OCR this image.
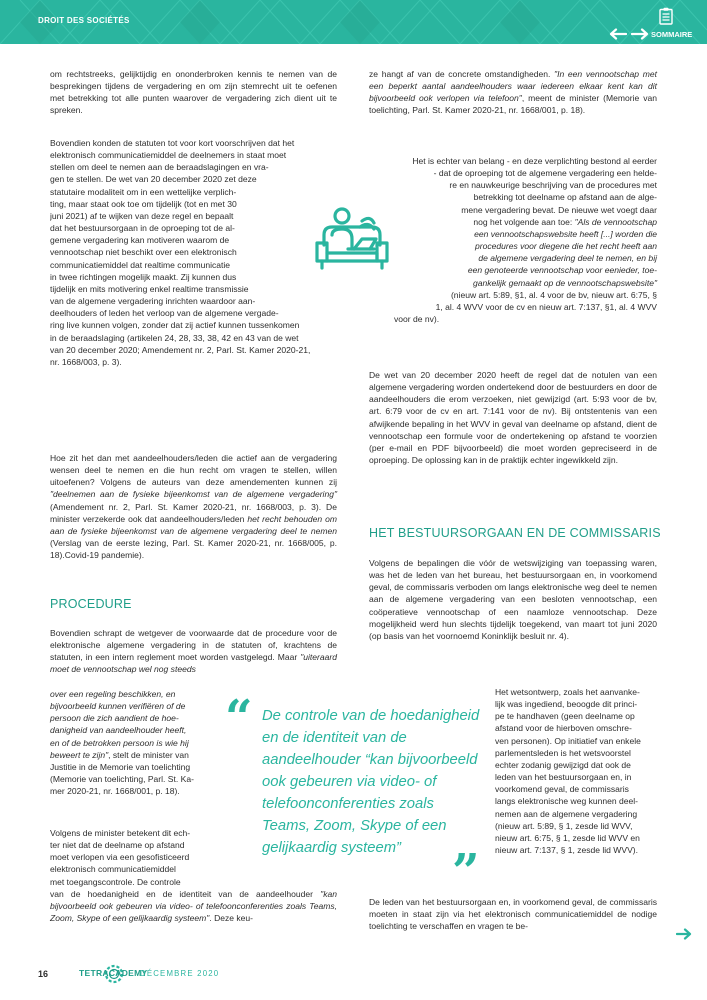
DROIT DES SOCIÉTÉS
SOMMAIRE

om rechtstreeks, gelijktijdig en ononderbroken kennis te nemen van de besprekingen tijdens de vergadering en om zijn stemrecht uit te oefenen met betrekking tot alle punten waarover de vergadering zich dient uit te spreken.

Bovendien konden de statuten tot voor kort voorschrijven dat het
elektronisch communicatiemiddel de deelnemers in staat moet
stellen om deel te nemen aan de beraadslagingen en vra-
gen te stellen. De wet van 20 december 2020 zet deze
statutaire modaliteit om in een wettelijke verplich-
ting, maar staat ook toe om tijdelijk (tot en met 30
juni 2021) af te wijken van deze regel en bepaalt
dat het bestuursorgaan in de oproeping tot de al-
gemene vergadering kan motiveren waarom de
vennootschap niet beschikt over een elektronisch
communicatiemiddel dat realtime communicatie
in twee richtingen mogelijk maakt. Zij kunnen dus
tijdelijk en mits motivering enkel realtime transmissie
van de algemene vergadering inrichten waardoor aan-
deelhouders of leden het verloop van de algemene vergade-
ring live kunnen volgen, zonder dat zij actief kunnen tussenkomen
in de beraadslaging (artikelen 24, 28, 33, 38, 42 en 43 van de wet
van 20 december 2020; Amendement nr. 2, Parl. St. Kamer 2020-21,
nr. 1668/003, p. 3).

Hoe zit het dan met aandeelhouders/leden die actief aan de vergadering wensen deel te nemen en die hun recht om vragen te stellen, willen uitoefenen? Volgens de auteurs van deze amendementen kunnen zij "deelnemen aan de fysieke bijeenkomst van de algemene vergadering" (Amendement nr. 2, Parl. St. Kamer 2020-21, nr. 1668/003, p. 3). De minister verzekerde ook dat aandeelhouders/leden het recht behouden om aan de fysieke bijeenkomst van de algemene vergadering deel te nemen (Verslag van de eerste lezing, Parl. St. Kamer 2020-21, nr. 1668/005, p. 18).Covid-19 pandemie).

PROCEDURE

Bovendien schrapt de wetgever de voorwaarde dat de procedure voor de elektronische algemene vergadering in de statuten of, krachtens de statuten, in een intern reglement moet worden vastgelegd. Maar "uiteraard moet de vennootschap wel nog steeds

over een regeling beschikken, en
bijvoorbeeld kunnen verifiëren of de
persoon die zich aandient de hoe-
danigheid van aandeelhouder heeft,
en of de betrokken persoon is wie hij
beweert te zijn", stelt de minister van
Justitie in de Memorie van toelichting
(Memorie van toelichting, Parl. St. Ka-
mer 2020-21, nr. 1668/001, p. 18).
Volgens de minister betekent dit ech-
ter niet dat de deelname op afstand
moet verlopen via een gesofisticeerd
elektronisch communicatiemiddel
met toegangscontrole. De controle

van de hoedanigheid en de identiteit van de aandeelhouder "kan bijvoorbeeld ook gebeuren via video- of telefoonconferenties zoals Teams, Zoom, Skype of een gelijkaardig systeem". Deze keu-

“ De controle van de hoedanigheid en de identiteit van de aandeelhouder “kan bijvoorbeeld ook gebeuren via video- of telefoonconferenties zoals Teams, Zoom, Skype of een gelijkaardig systeem”	”

ze hangt af van de concrete omstandigheden. "In een vennootschap met een beperkt aantal aandeelhouders waar iedereen elkaar kent kan dit bijvoorbeeld ook verlopen via telefoon", meent de minister (Memorie van toelichting, Parl. St. Kamer 2020-21, nr. 1668/001, p. 18).

Het is echter van belang - en deze verplichting bestond al eerder
- dat de oproeping tot de algemene vergadering een helde-
re en nauwkeurige beschrijving van de procedures met
betrekking tot deelname op afstand aan de alge-
mene vergadering bevat. De nieuwe wet voegt daar
nog het volgende aan toe: "Als de vennootschap
een vennootschapswebsite heeft [...] worden die
procedures voor diegene die het recht heeft aan
de algemene vergadering deel te nemen, en bij
een genoteerde vennootschap voor eenieder, toe-
gankelijk gemaakt op de vennootschapswebsite"
(nieuw art. 5:89, §1, al. 4 voor de bv, nieuw art. 6:75, §
1, al. 4 WVV voor de cv en nieuw art. 7:137, §1, al. 4 WVV
voor de nv).

De wet van 20 december 2020 heeft de regel dat de notulen van een algemene vergadering worden ondertekend door de bestuurders en door de aandeelhouders die erom verzoeken, niet gewijzigd (art. 5:93 voor de bv, art. 6:79 voor de cv en art. 7:141 voor de nv). Bij ontstentenis van een afwijkende bepaling in het WVV in geval van deelname op afstand, dient de vennootschap een formule voor de ondertekening op afstand te voorzien (per e-mail en PDF bijvoorbeeld) die moet worden gepreciseerd in de oproeping. De oplossing kan in de praktijk echter ingewikkeld zijn.

HET BESTUURSORGAAN EN DE COMMISSARIS

Volgens de bepalingen die vóór de wetswijziging van toepassing waren, was het de leden van het bureau, het bestuursorgaan en, in voorkomend geval, de commissaris verboden om langs elektronische weg deel te nemen aan de algemene vergadering van een besloten vennootschap, een coöperatieve vennootschap of een naamloze vennootschap. Deze mogelijkheid werd hun slechts tijdelijk toegekend, van maart tot juni 2020 (op basis van het voornoemd Koninklijk besluit nr. 4).

Het wetsontwerp, zoals het aanvanke-
lijk was ingediend, beoogde dit princi-
pe te handhaven (geen deelname op
afstand voor de hierboven omschre-
ven personen). Op initiatief van enkele
parlementsleden is het wetsvoorstel
echter zodanig gewijzigd dat ook de
leden van het bestuursorgaan en, in
voorkomend geval, de commissaris
langs elektronische weg kunnen deel-
nemen aan de algemene vergadering
(nieuw art. 5:89, § 1, zesde lid WVV,
nieuw art. 6:75, § 1, zesde lid WVV en
nieuw art. 7:137, § 1, zesde lid WVV).

De leden van het bestuursorgaan en, in voorkomend geval, de commissaris moeten in staat zijn via het elektronisch communicatiemiddel de nodige toelichting te verschaffen en vragen te be-

16	TETRACADEMY
DÉCEMBRE 2020
